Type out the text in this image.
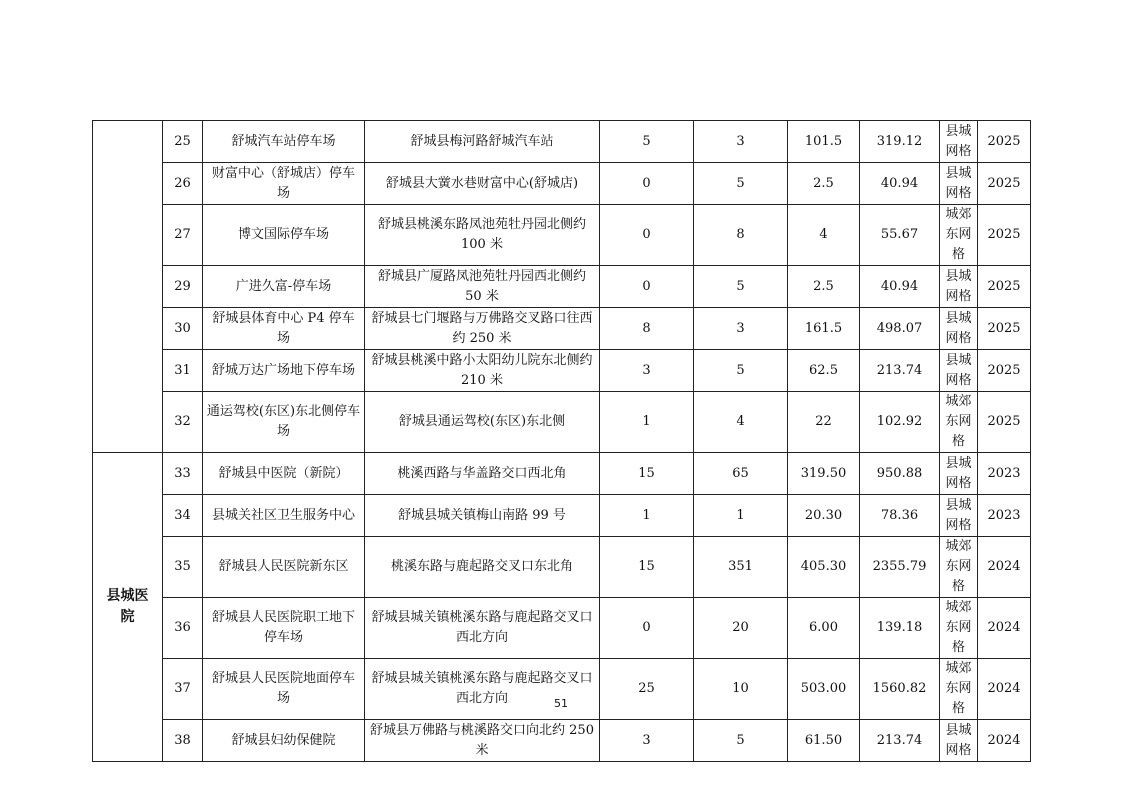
	25	舒城汽车站停车场	舒城县梅河路舒城汽车站	5	3	101.5	319.12	县城网格	2025
	26	财富中心（舒城店）停车场	舒城县大黉水巷财富中心(舒城店)	0	5	2.5	40.94	县城网格	2025
	27	博文国际停车场	舒城县桃溪东路凤池苑牡丹园北侧约 100 米	0	8	4	55.67	城郊东网格	2025
	29	广进久富-停车场	舒城县广厦路凤池苑牡丹园西北侧约 50 米	0	5	2.5	40.94	县城网格	2025
	30	舒城县体育中心 P4 停车场	舒城县七门堰路与万佛路交叉路口往西约 250 米	8	3	161.5	498.07	县城网格	2025
	31	舒城万达广场地下停车场	舒城县桃溪中路小太阳幼儿院东北侧约 210 米	3	5	62.5	213.74	县城网格	2025
	32	通运驾校(东区)东北侧停车场	舒城县通运驾校(东区)东北侧	1	4	22	102.92	城郊东网格	2025
县城医院	33	舒城县中医院（新院）	桃溪西路与华盖路交口西北角	15	65	319.50	950.88	县城网格	2023
	34	县城关社区卫生服务中心	舒城县城关镇梅山南路 99 号	1	1	20.30	78.36	县城网格	2023
	35	舒城县人民医院新东区	桃溪东路与鹿起路交叉口东北角	15	351	405.30	2355.79	城郊东网格	2024
	36	舒城县人民医院职工地下停车场	舒城县城关镇桃溪东路与鹿起路交叉口西北方向	0	20	6.00	139.18	城郊东网格	2024
	37	舒城县人民医院地面停车场	舒城县城关镇桃溪东路与鹿起路交叉口西北方向	25	10	503.00	1560.82	城郊东网格	2024
	38	舒城县妇幼保健院	舒城县万佛路与桃溪路交口向北约 250 米	3	5	61.50	213.74	县城网格	2024
51
